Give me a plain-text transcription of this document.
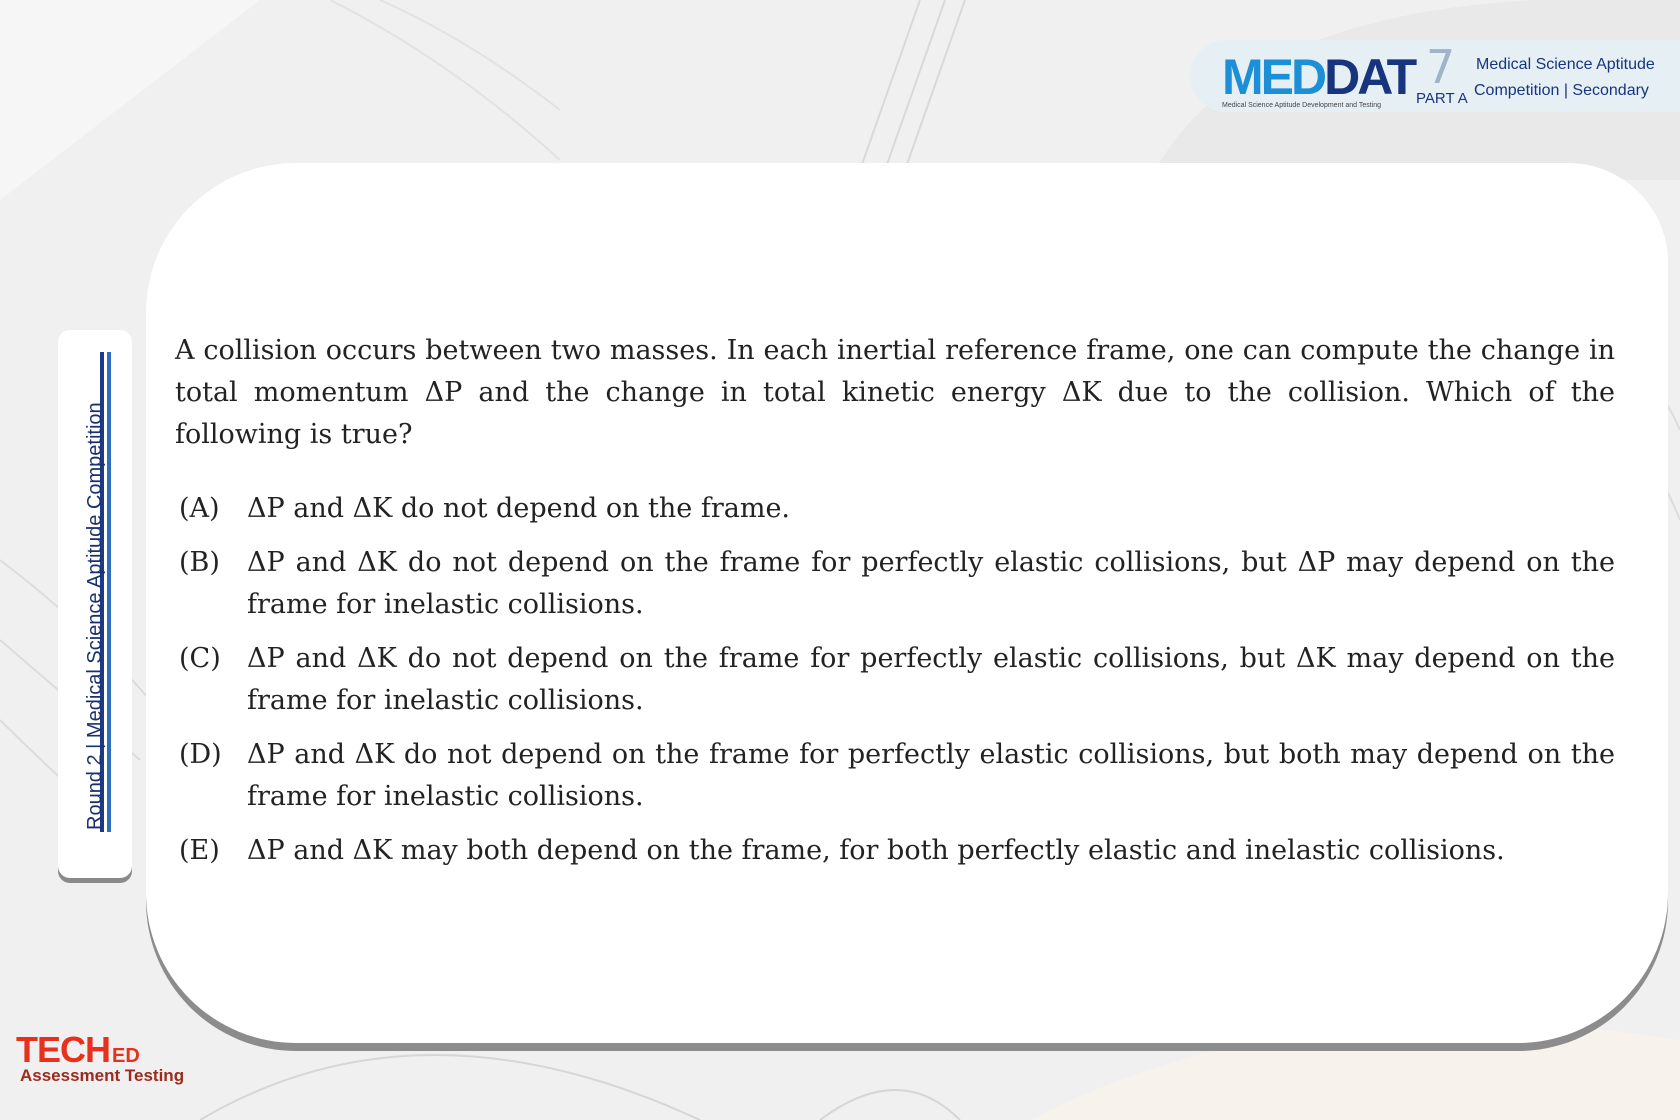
MEDDAT
Medical Science Aptitude Development and Testing
7
PART A
Medical Science Aptitude
Competition | Secondary
Round 2 | Medical Science Aptitude Competition

A collision occurs between two masses. In each inertial reference frame, one can compute the change in total momentum ΔP and the change in total kinetic energy ΔK due to the collision. Which of the following is true?

(A) ΔP and ΔK do not depend on the frame.
(B) ΔP and ΔK do not depend on the frame for perfectly elastic collisions, but ΔP may depend on the frame for inelastic collisions.
(C) ΔP and ΔK do not depend on the frame for perfectly elastic collisions, but ΔK may depend on the frame for inelastic collisions.
(D) ΔP and ΔK do not depend on the frame for perfectly elastic collisions, but both may depend on the frame for inelastic collisions.
(E) ΔP and ΔK may both depend on the frame, for both perfectly elastic and inelastic collisions.
TECH ED
Assessment Testing
